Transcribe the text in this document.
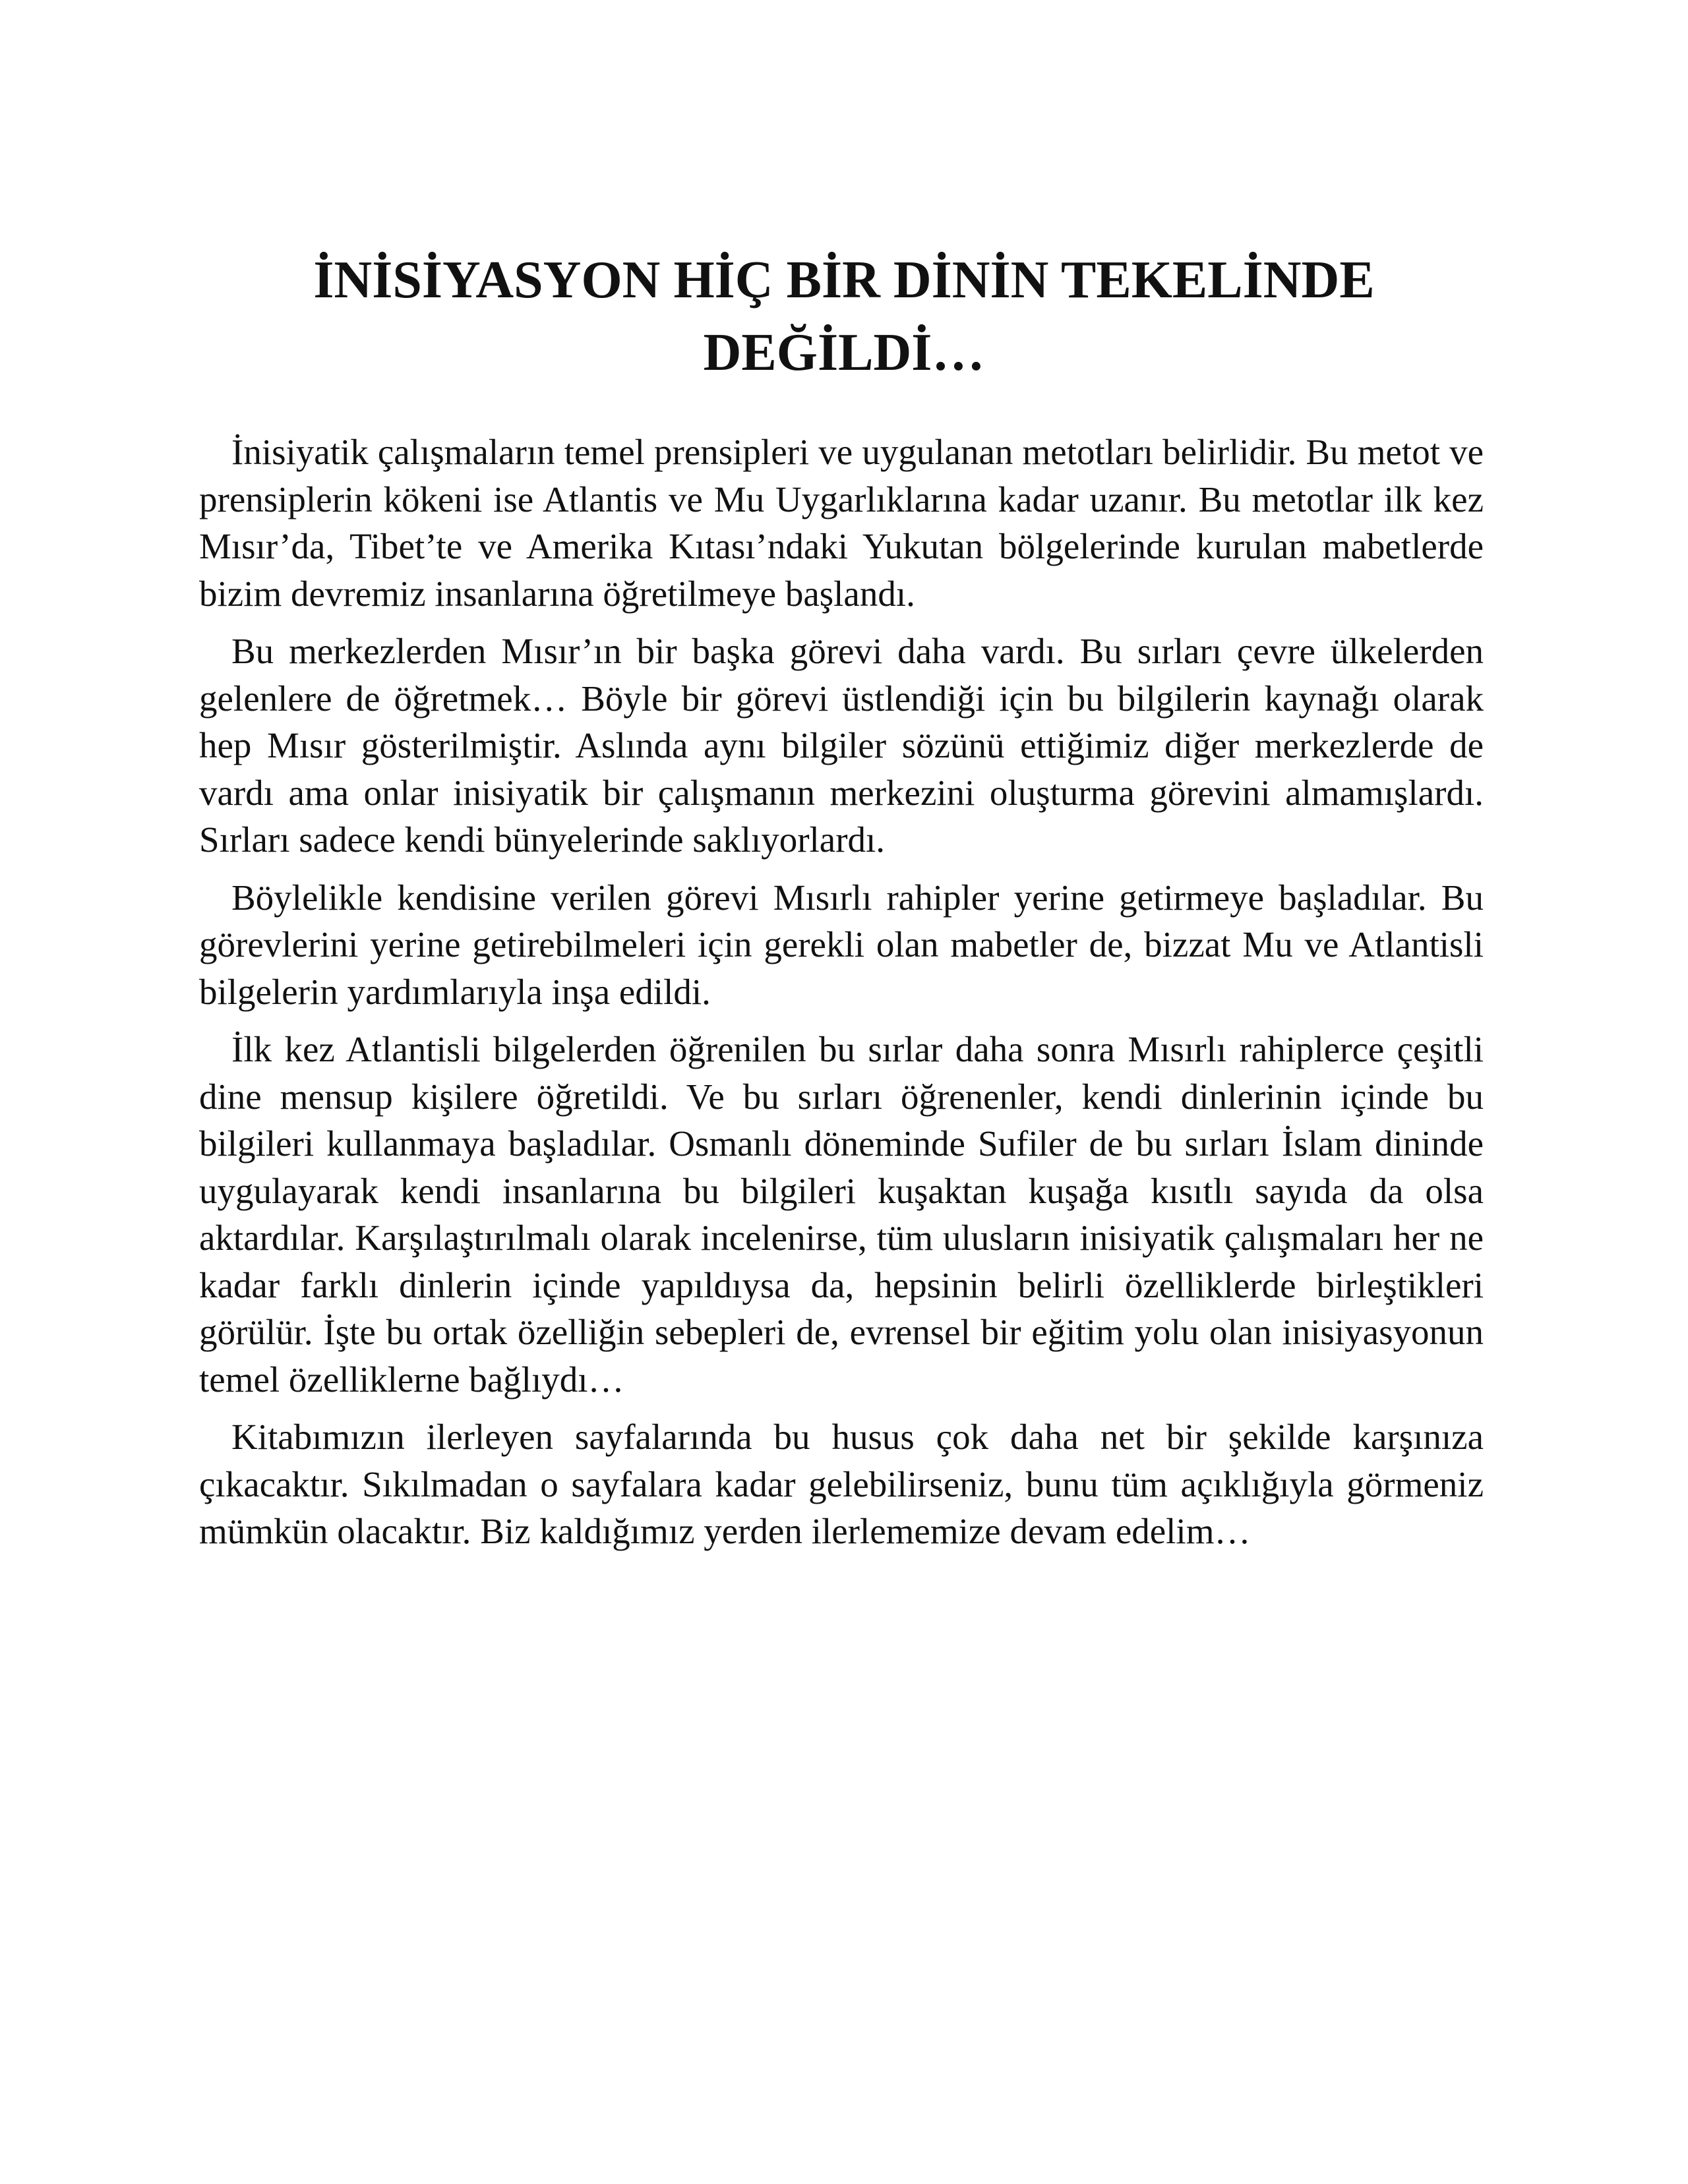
İNİSİYASYON HİÇ BİR DİNİN TEKELİNDE DEĞİLDİ…

İnisiyatik çalışmaların temel prensipleri ve uygulanan metotları belirlidir. Bu metot ve prensiplerin kökeni ise Atlantis ve Mu Uygarlıklarına kadar uzanır. Bu metotlar ilk kez Mısır’da, Tibet’te ve Amerika Kıtası’ndaki Yukutan bölgelerinde kurulan mabetlerde bizim devremiz insanlarına öğretilmeye başlandı.

Bu merkezlerden Mısır’ın bir başka görevi daha vardı. Bu sırları çevre ülkelerden gelenlere de öğretmek… Böyle bir görevi üstlendiği için bu bilgilerin kaynağı olarak hep Mısır gösterilmiştir. Aslında aynı bilgiler sözünü ettiğimiz diğer merkezlerde de vardı ama onlar inisiyatik bir çalışmanın merkezini oluşturma görevini almamışlardı. Sırları sadece kendi bünyelerinde saklıyorlardı.

Böylelikle kendisine verilen görevi Mısırlı rahipler yerine getirmeye başladılar. Bu görevlerini yerine getirebilmeleri için gerekli olan mabetler de, bizzat Mu ve Atlantisli bilgelerin yardımlarıyla inşa edildi.

İlk kez Atlantisli bilgelerden öğrenilen bu sırlar daha sonra Mısırlı rahiplerce çeşitli dine mensup kişilere öğretildi. Ve bu sırları öğrenenler, kendi dinlerinin içinde bu bilgileri kullanmaya başladılar. Osmanlı döneminde Sufiler de bu sırları İslam dininde uygulayarak kendi insanlarına bu bilgileri kuşaktan kuşağa kısıtlı sayıda da olsa aktardılar. Karşılaştırılmalı olarak incelenirse, tüm ulusların inisiyatik çalışmaları her ne kadar farklı dinlerin içinde yapıldıysa da, hepsinin belirli özelliklerde birleştikleri görülür. İşte bu ortak özelliğin sebepleri de, evrensel bir eğitim yolu olan inisiyasyonun temel özelliklerne bağlıydı…

Kitabımızın ilerleyen sayfalarında bu husus çok daha net bir şekilde karşınıza çıkacaktır. Sıkılmadan o sayfalara kadar gelebilirseniz, bunu tüm açıklığıyla görmeniz mümkün olacaktır. Biz kaldığımız yerden ilerlememize devam edelim…
